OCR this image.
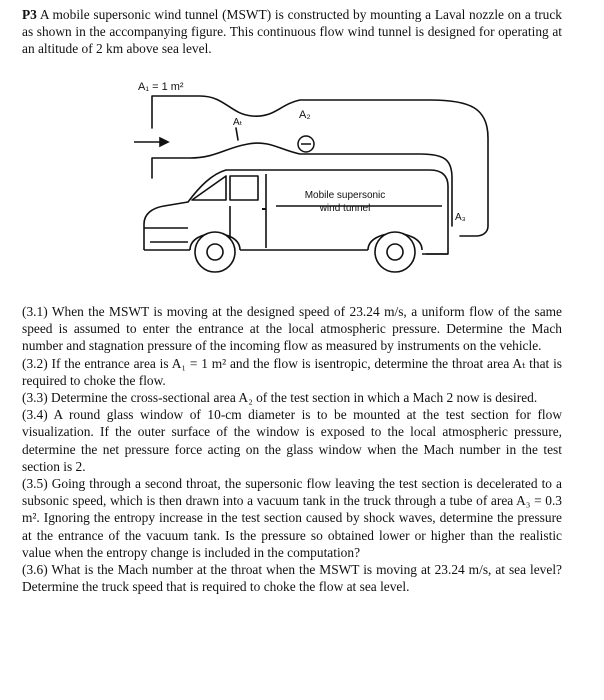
P3 A mobile supersonic wind tunnel (MSWT) is constructed by mounting a Laval nozzle on a truck as shown in the accompanying figure. This continuous flow wind tunnel is designed for operating at an altitude of 2 km above sea level.
A₁ = 1 m²
Aₜ
A₂
A₃
Mobile supersonic
wind tunnel

(3.1) When the MSWT is moving at the designed speed of 23.24 m/s, a uniform flow of the same speed is assumed to enter the entrance at the local atmospheric pressure. Determine the Mach number and stagnation pressure of the incoming flow as measured by instruments on the vehicle.

(3.2) If the entrance area is A₁ = 1 m² and the flow is isentropic, determine the throat area Aₜ that is required to choke the flow.

(3.3) Determine the cross-sectional area A₂ of the test section in which a Mach 2 now is desired.

(3.4) A round glass window of 10-cm diameter is to be mounted at the test section for flow visualization. If the outer surface of the window is exposed to the local atmospheric pressure, determine the net pressure force acting on the glass window when the Mach number in the test section is 2.

(3.5) Going through a second throat, the supersonic flow leaving the test section is decelerated to a subsonic speed, which is then drawn into a vacuum tank in the truck through a tube of area A₃ = 0.3 m². Ignoring the entropy increase in the test section caused by shock waves, determine the pressure at the entrance of the vacuum tank. Is the pressure so obtained lower or higher than the realistic value when the entropy change is included in the computation?

(3.6) What is the Mach number at the throat when the MSWT is moving at 23.24 m/s, at sea level? Determine the truck speed that is required to choke the flow at sea level.
